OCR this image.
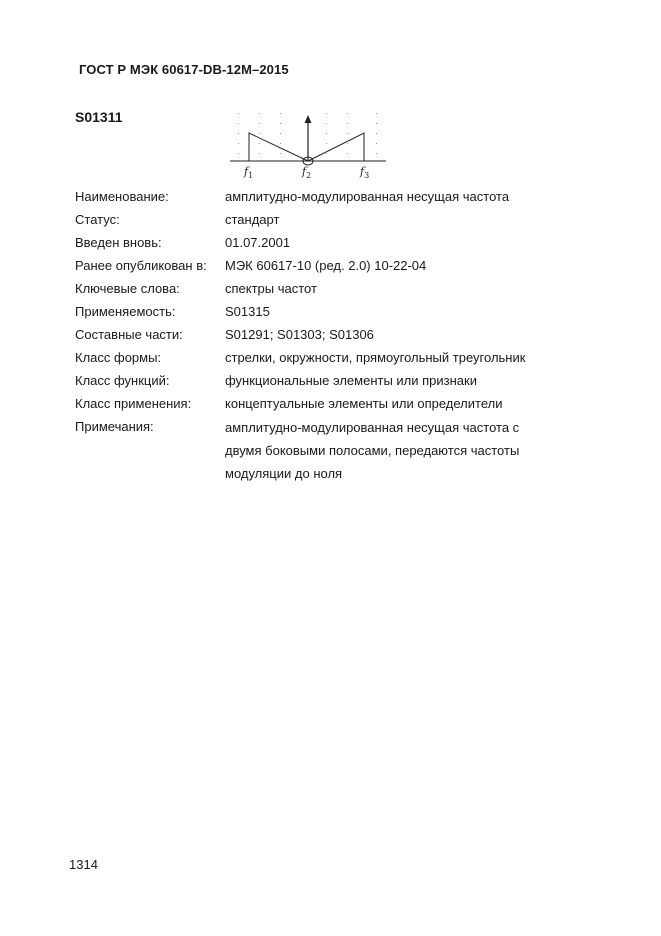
ГОСТ Р МЭК 60617-DB-12M–2015
S01311
$f_1$	$f_2$	$f_3$
Наименование:	амплитудно-модулированная несущая частота
Статус:	стандарт
Введен вновь:	01.07.2001
Ранее опубликован в:	МЭК 60617-10 (ред. 2.0) 10-22-04
Ключевые слова:	спектры частот
Применяемость:	S01315
Составные части:	S01291; S01303; S01306
Класс формы:	стрелки, окружности, прямоугольный треугольник
Класс функций:	функциональные элементы или признаки
Класс применения:	концептуальные элементы или определители
Примечания:	амплитудно-модулированная несущая частота с
двумя боковыми полосами, передаются частоты
модуляции до ноля
1314
